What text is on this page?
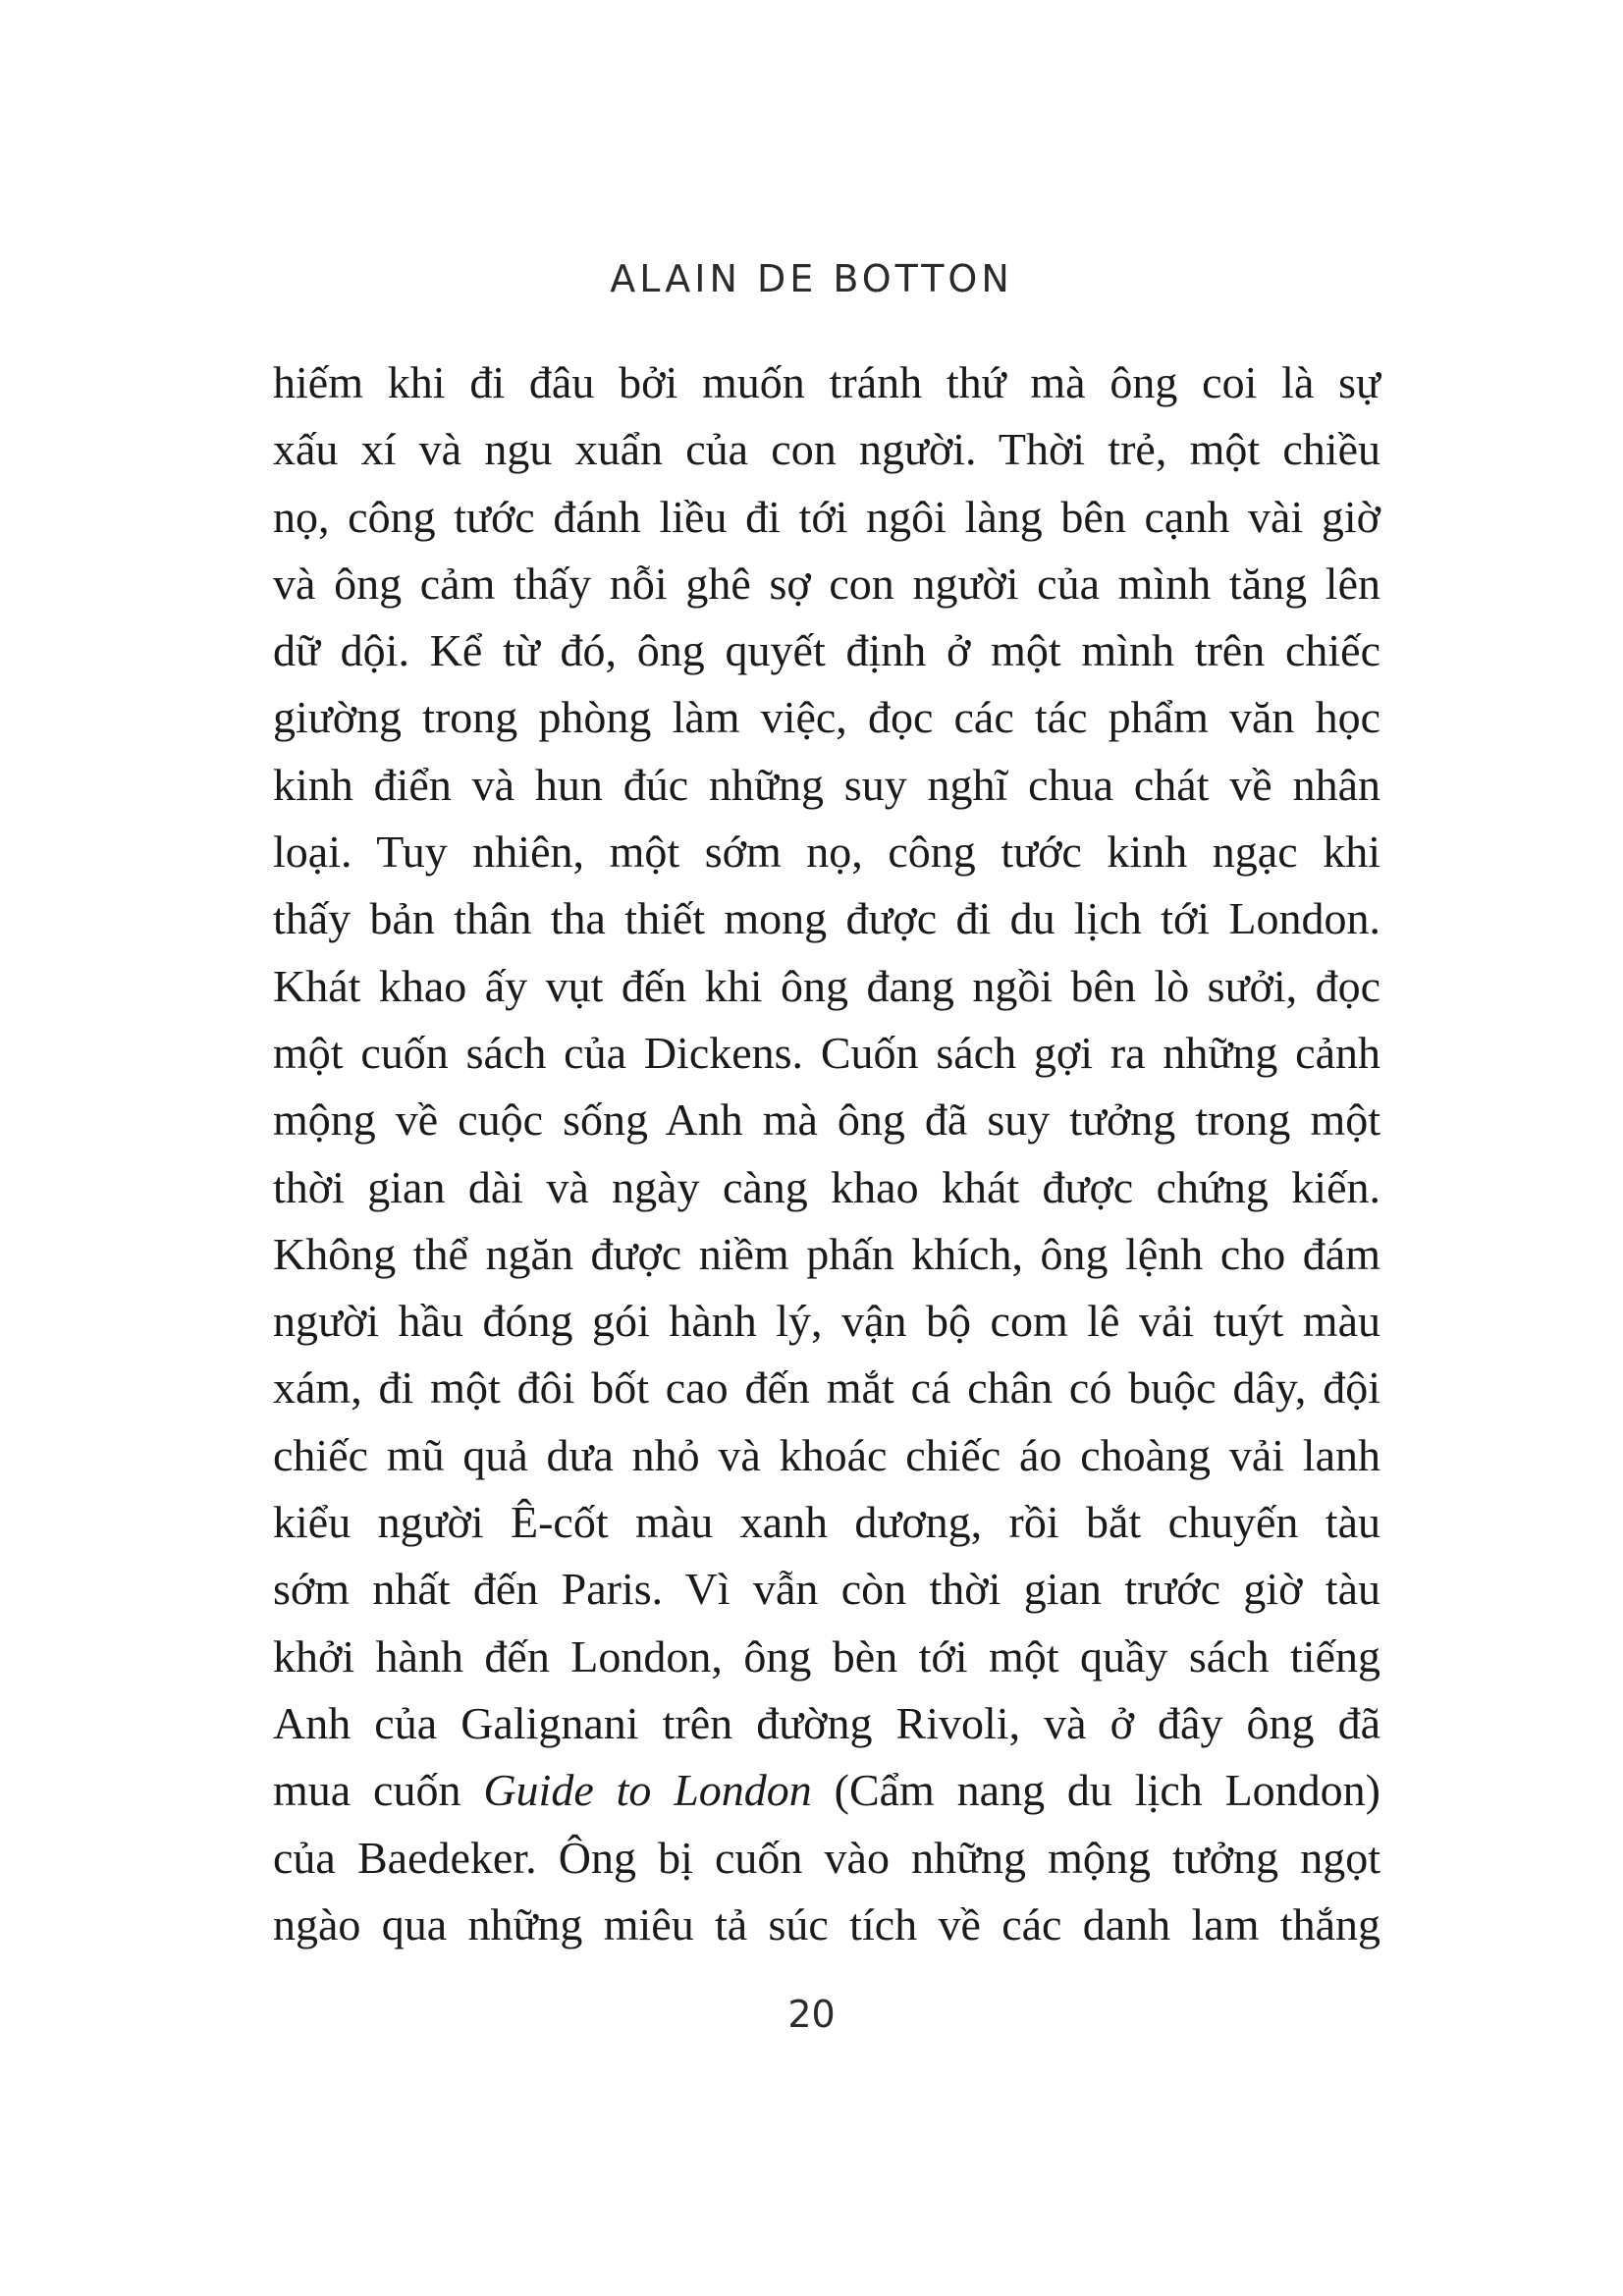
ALAIN DE BOTTON
hiếm khi đi đâu bởi muốn tránh thứ mà ông coi là sự
xấu xí và ngu xuẩn của con người. Thời trẻ, một chiều
nọ, công tước đánh liều đi tới ngôi làng bên cạnh vài giờ
và ông cảm thấy nỗi ghê sợ con người của mình tăng lên
dữ dội. Kể từ đó, ông quyết định ở một mình trên chiếc
giường trong phòng làm việc, đọc các tác phẩm văn học
kinh điển và hun đúc những suy nghĩ chua chát về nhân
loại. Tuy nhiên, một sớm nọ, công tước kinh ngạc khi
thấy bản thân tha thiết mong được đi du lịch tới London.
Khát khao ấy vụt đến khi ông đang ngồi bên lò sưởi, đọc
một cuốn sách của Dickens. Cuốn sách gợi ra những cảnh
mộng về cuộc sống Anh mà ông đã suy tưởng trong một
thời gian dài và ngày càng khao khát được chứng kiến.
Không thể ngăn được niềm phấn khích, ông lệnh cho đám
người hầu đóng gói hành lý, vận bộ com lê vải tuýt màu
xám, đi một đôi bốt cao đến mắt cá chân có buộc dây, đội
chiếc mũ quả dưa nhỏ và khoác chiếc áo choàng vải lanh
kiểu người Ê-cốt màu xanh dương, rồi bắt chuyến tàu
sớm nhất đến Paris. Vì vẫn còn thời gian trước giờ tàu
khởi hành đến London, ông bèn tới một quầy sách tiếng
Anh của Galignani trên đường Rivoli, và ở đây ông đã
mua cuốn Guide to London (Cẩm nang du lịch London)
của Baedeker. Ông bị cuốn vào những mộng tưởng ngọt
ngào qua những miêu tả súc tích về các danh lam thắng
20
